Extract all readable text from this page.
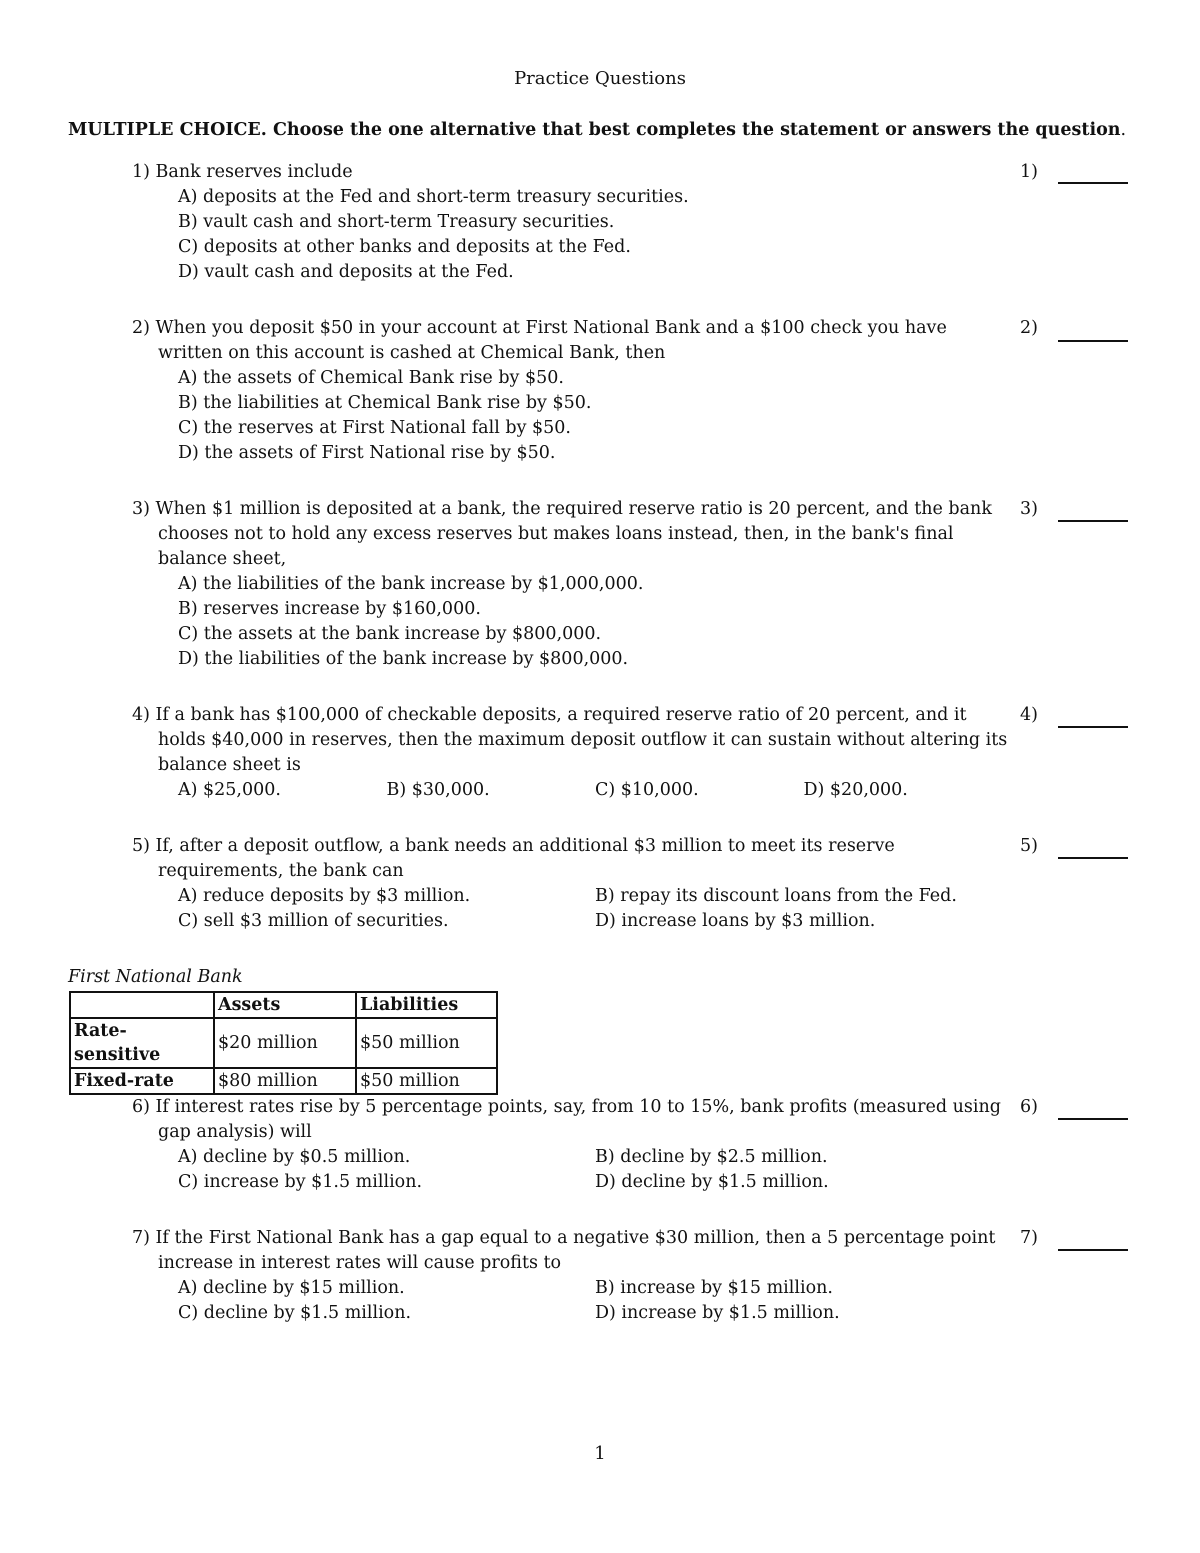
Practice Questions
MULTIPLE CHOICE. Choose the one alternative that best completes the statement or answers the question.
1) Bank reserves include
A) deposits at the Fed and short-term treasury securities.
B) vault cash and short-term Treasury securities.
C) deposits at other banks and deposits at the Fed.
D) vault cash and deposits at the Fed.
1)
2) When you deposit $50 in your account at First National Bank and a $100 check you have written on this account is cashed at Chemical Bank, then
A) the assets of Chemical Bank rise by $50.
B) the liabilities at Chemical Bank rise by $50.
C) the reserves at First National fall by $50.
D) the assets of First National rise by $50.
2)
3) When $1 million is deposited at a bank, the required reserve ratio is 20 percent, and the bank chooses not to hold any excess reserves but makes loans instead, then, in the bank's final balance sheet,
A) the liabilities of the bank increase by $1,000,000.
B) reserves increase by $160,000.
C) the assets at the bank increase by $800,000.
D) the liabilities of the bank increase by $800,000.
3)
4) If a bank has $100,000 of checkable deposits, a required reserve ratio of 20 percent, and it holds $40,000 in reserves, then the maximum deposit outflow it can sustain without altering its balance sheet is
A) $25,000.	B) $30,000.	C) $10,000.	D) $20,000.
4)
5) If, after a deposit outflow, a bank needs an additional $3 million to meet its reserve requirements, the bank can
A) reduce deposits by $3 million.	B) repay its discount loans from the Fed.
C) sell $3 million of securities.	D) increase loans by $3 million.
5)
First National Bank
	Assets	Liabilities
Rate-sensitive	$20 million	$50 million
Fixed-rate	$80 million	$50 million
6) If interest rates rise by 5 percentage points, say, from 10 to 15%, bank profits (measured using gap analysis) will
A) decline by $0.5 million.	B) decline by $2.5 million.
C) increase by $1.5 million.	D) decline by $1.5 million.
6)
7) If the First National Bank has a gap equal to a negative $30 million, then a 5 percentage point increase in interest rates will cause profits to
A) decline by $15 million.	B) increase by $15 million.
C) decline by $1.5 million.	D) increase by $1.5 million.
7)
1
